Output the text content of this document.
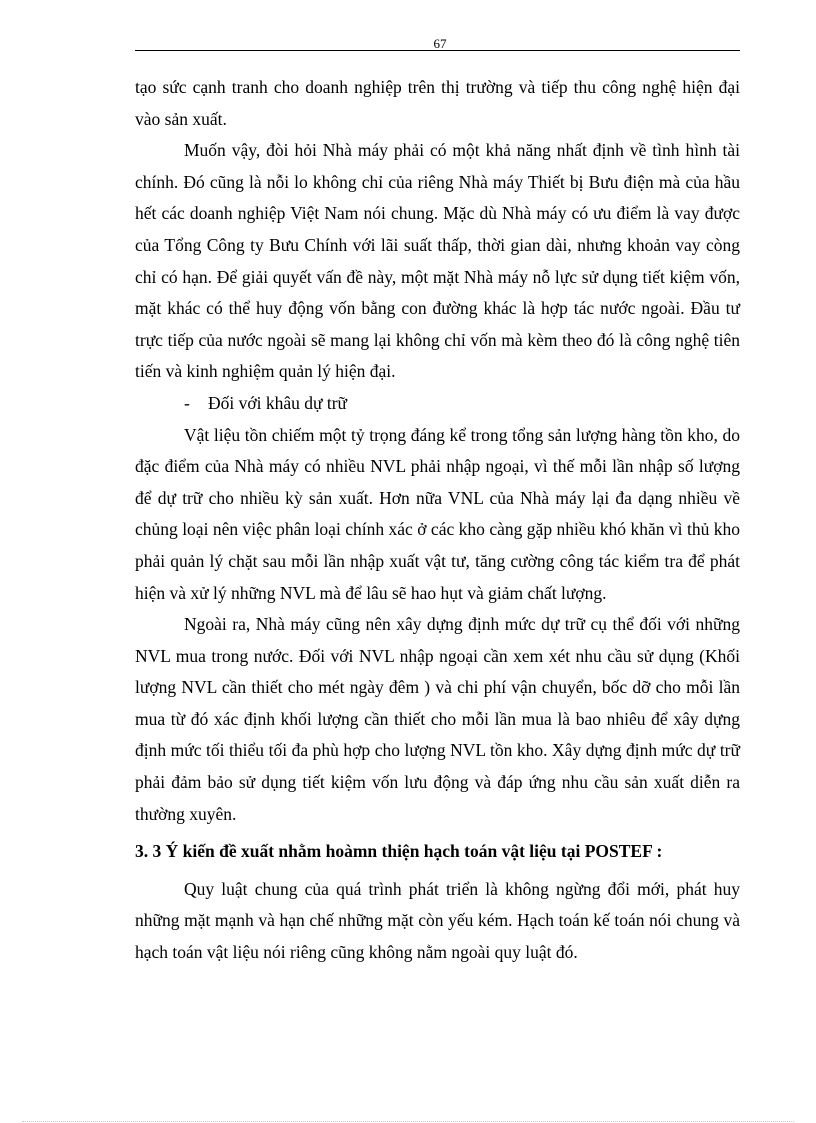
67

tạo sức cạnh tranh cho doanh nghiệp trên thị trường và tiếp thu công nghệ hiện đại vào sản xuất.

Muốn vậy, đòi hỏi Nhà máy phải có một khả năng nhất định về tình hình tài chính. Đó cũng là nỗi lo không chỉ của riêng Nhà máy Thiết bị Bưu điện mà của hầu hết các doanh nghiệp Việt Nam nói chung. Mặc dù Nhà máy có ưu điểm là vay được của Tổng Công ty Bưu Chính với lãi suất thấp, thời gian dài, nhưng khoản vay còng chỉ có hạn. Để giải quyết vấn đề này, một mặt Nhà máy nỗ lực sử dụng tiết kiệm vốn, mặt khác có thể huy động vốn bằng con đường khác là hợp tác nước ngoài. Đầu tư trực tiếp của nước ngoài sẽ mang lại không chỉ vốn mà kèm theo đó là công nghệ tiên tiến và kinh nghiệm quản lý hiện đại.

- Đối với khâu dự trữ

Vật liệu tồn chiếm một tỷ trọng đáng kể trong tổng sản lượng hàng tồn kho, do đặc điểm của Nhà máy có nhiều NVL phải nhập ngoại, vì thế mỗi lần nhập số lượng để dự trữ cho nhiều kỳ sản xuất. Hơn nữa VNL của Nhà máy lại đa dạng nhiều về chủng loại nên việc phân loại chính xác ở các kho càng gặp nhiều khó khăn vì thủ kho phải quản lý chặt sau mỗi lần nhập xuất vật tư, tăng cường công tác kiểm tra để phát hiện và xử lý những NVL mà để lâu sẽ hao hụt và giảm chất lượng.

Ngoài ra, Nhà máy cũng nên xây dựng định mức dự trữ cụ thể đối với những NVL mua trong nước. Đối với NVL nhập ngoại cần xem xét nhu cầu sử dụng (Khối lượng NVL cần thiết cho mét ngày đêm ) và chi phí vận chuyển, bốc dỡ cho mỗi lần mua từ đó xác định khối lượng cần thiết cho mỗi lần mua là bao nhiêu để xây dựng định mức tối thiểu tối đa phù hợp cho lượng NVL tồn kho. Xây dựng định mức dự trữ phải đảm bảo sử dụng tiết kiệm vốn lưu động và đáp ứng nhu cầu sản xuất diễn ra thường xuyên.

3. 3 Ý kiến đề xuất nhằm hoàmn thiện hạch toán vật liệu tại POSTEF :

Quy luật chung của quá trình phát triển là không ngừng đổi mới, phát huy những mặt mạnh và hạn chế những mặt còn yếu kém. Hạch toán kế toán nói chung và hạch toán vật liệu nói riêng cũng không nằm ngoài quy luật đó.
